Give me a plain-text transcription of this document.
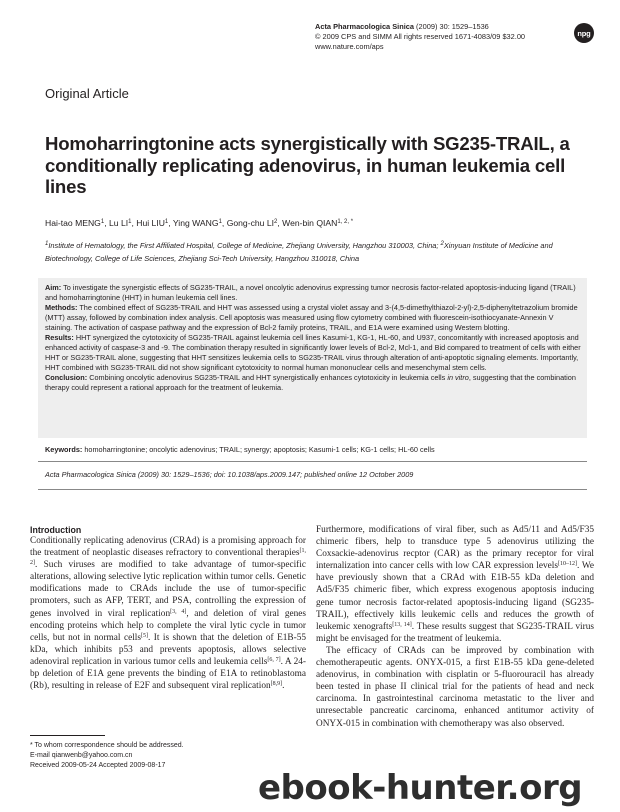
Acta Pharmacologica Sinica (2009) 30: 1529–1536
© 2009 CPS and SIMM All rights reserved 1671-4083/09 $32.00
www.nature.com/aps
npg
Original Article
Homoharringtonine acts synergistically with SG235-TRAIL, a conditionally replicating adenovirus, in human leukemia cell lines
Hai-tao MENG$^1$, Lu $LI^1$, Hui LIU$^1$, Ying WANG$^1$, Gong-chu $LI^2$, Wen-bin $QIAN^{1, 2, *}$
$^1$Institute of Hematology, the First Affiliated Hospital, College of Medicine, Zhejiang University, Hangzhou 310003, China; $^2$Xinyuan Institute of Medicine and Biotechnology, College of Life Sciences, Zhejiang Sci-Tech University, Hangzhou 310018, China

Aim: To investigate the synergistic effects of SG235-TRAIL, a novel oncolytic adenovirus expressing tumor necrosis factor-related apoptosis-inducing ligand (TRAIL) and homoharringtonine (HHT) in human leukemia cell lines.

Methods: The combined effect of SG235-TRAIL and HHT was assessed using a crystal violet assay and 3-(4,5-dimethylthiazol-2-yl)-2,5-diphenyltetrazolium bromide (MTT) assay, followed by combination index analysis. Cell apoptosis was measured using flow cytometry combined with fluorescein-isothiocyanate-Annexin V staining. The activation of caspase pathway and the expression of Bcl-2 family proteins, TRAIL, and E1A were examined using Western blotting.

Results: HHT synergized the cytotoxicity of SG235-TRAIL against leukemia cell lines Kasumi-1, KG-1, HL-60, and U937, concomitantly with increased apoptosis and enhanced activity of caspase-3 and -9. The combination therapy resulted in significantly lower levels of Bcl-2, Mcl-1, and Bid compared to treatment of cells with either HHT or SG235-TRAIL alone, suggesting that HHT sensitizes leukemia cells to SG235-TRAIL virus through alteration of anti-apoptotic signaling elements. Importantly, HHT combined with SG235-TRAIL did not show significant cytotoxicity to normal human mononuclear cells and mesenchymal stem cells.

Conclusion: Combining oncolytic adenovirus SG235-TRAIL and HHT synergistically enhances cytotoxicity in leukemia cells in vitro, suggesting that the combination therapy could represent a rational approach for the treatment of leukemia.

Keywords: homoharringtonine; oncolytic adenovirus; TRAIL; synergy; apoptosis; Kasumi-1 cells; KG-1 cells; HL-60 cells
Acta Pharmacologica Sinica (2009) 30: 1529–1536; doi: 10.1038/aps.2009.147; published online 12 October 2009
Introduction

Conditionally replicating adenovirus (CRAd) is a promising approach for the treatment of neoplastic diseases refractory to conventional therapies[1, 2]. Such viruses are modified to take advantage of tumor-specific alterations, allowing selective lytic replication within tumor cells. Genetic modifications made to CRAds include the use of tumor-specific promoters, such as AFP, TERT, and PSA, controlling the expression of genes involved in viral replication[3, 4], and deletion of viral genes encoding proteins which help to complete the viral lytic cycle in tumor cells, but not in normal cells[5]. It is shown that the deletion of E1B-55 kDa, which inhibits p53 and prevents apoptosis, allows selective adenoviral replication in various tumor cells and leukemia cells[6, 7]. A 24-bp deletion of E1A gene prevents the binding of E1A to retinoblastoma (Rb), resulting in release of E2F and subsequent viral replication[8,9].

Furthermore, modifications of viral fiber, such as Ad5/11 and Ad5/F35 chimeric fibers, help to transduce type 5 adenovirus utilizing the Coxsackie-adenovirus recptor (CAR) as the primary receptor for viral internalization into cancer cells with low CAR expression levels[10–12]. We have previously shown that a CRAd with E1B-55 kDa deletion and Ad5/F35 chimeric fiber, which express exogenous apoptosis inducing gene tumor necrosis factor-related apoptosis-inducing ligand (SG235-TRAIL), effectively kills leukemic cells and reduces the growth of leukemic xenografts[13, 14]. These results suggest that SG235-TRAIL virus might be envisaged for the treatment of leukemia.

The efficacy of CRAds can be improved by combination with chemotherapeutic agents. ONYX-015, a first E1B-55 kDa gene-deleted adenovirus, in combination with cisplatin or 5-fluorouracil has already been tested in phase II clinical trial for the patients of head and neck carcinoma. In gastrointestinal carcinoma metastatic to the liver and unresectable pancreatic carcinoma, enhanced antitumor activity of ONYX-015 in combination with chemotherapy was also observed.

* To whom correspondence should be addressed.
E-mail qianwenb@yahoo.com.cn
Received 2009-05-24 Accepted 2009-08-17
ebook-hunter.org
